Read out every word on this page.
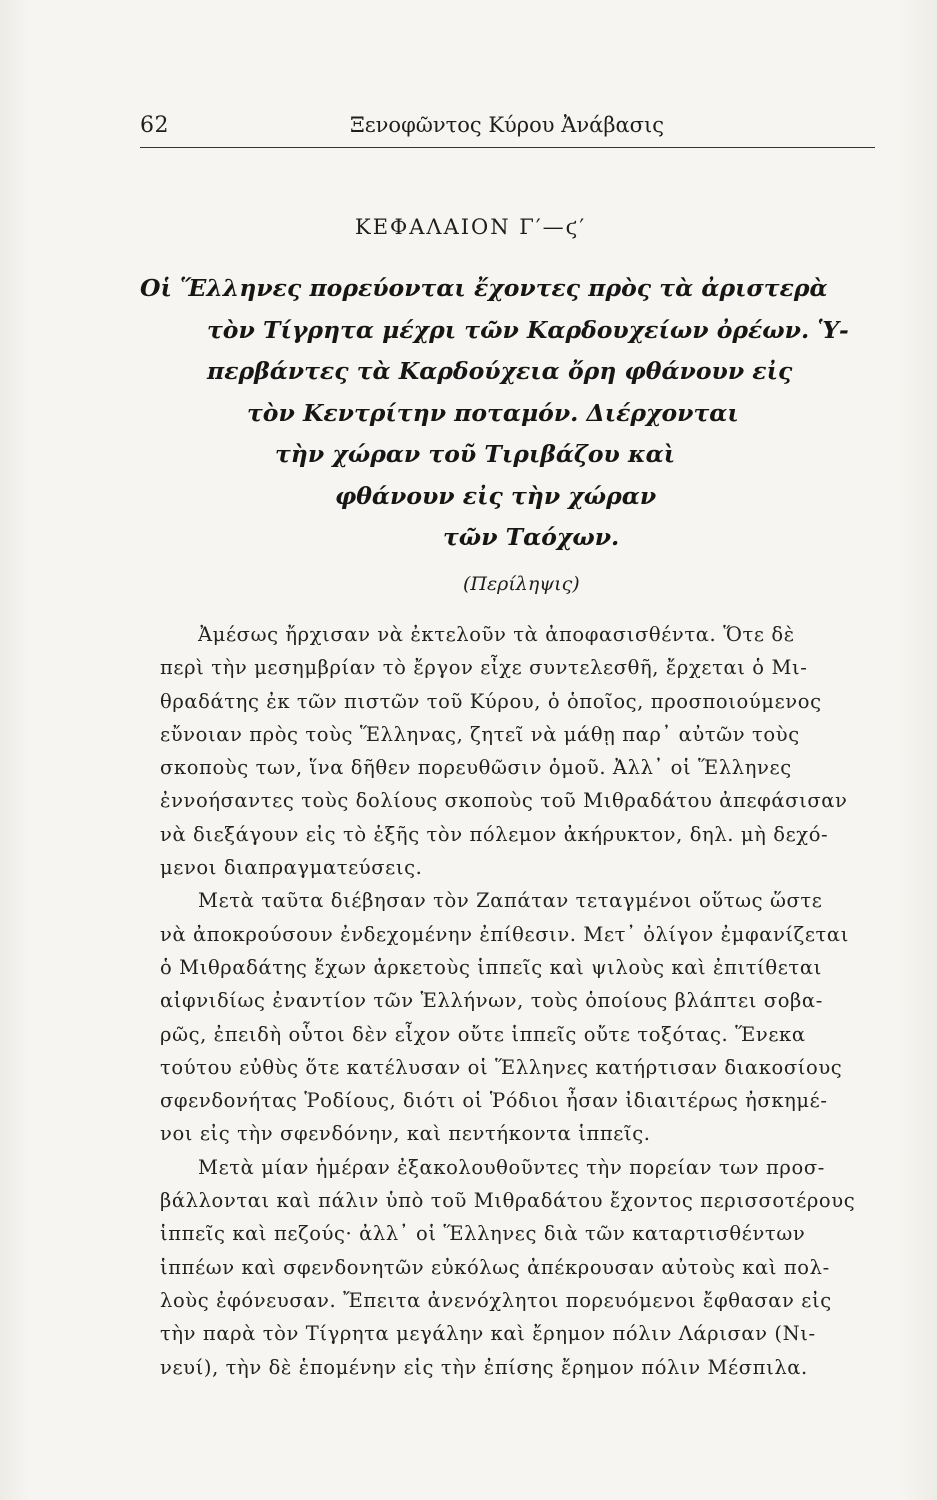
62	Ξενοφῶντος Κύρου Ἀνάβασις
ΚΕΦΑΛΑΙΟΝ Γ′—ϛ′
Οἱ Ἕλληνες πορεύονται ἔχοντες πρὸς τὰ ἀριστερὰ
τὸν Τίγρητα μέχρι τῶν Καρδουχείων ὀρέων. Ὑ-
περβάντες τὰ Καρδούχεια ὄρη φθάνουν εἰς
τὸν Κεντρίτην ποταμόν. Διέρχονται
τὴν χώραν τοῦ Τιριβάζου καὶ
φθάνουν εἰς τὴν χώραν
τῶν Ταόχων.
(Περίληψις)
Ἀμέσως ἤρχισαν νὰ ἐκτελοῦν τὰ ἀποφασισθέντα. Ὅτε δὲ
περὶ τὴν μεσημβρίαν τὸ ἔργον εἶχε συντελεσθῆ, ἔρχεται ὁ Μι-
θραδάτης ἐκ τῶν πιστῶν τοῦ Κύρου, ὁ ὁποῖος, προσποιούμενος
εὔνοιαν πρὸς τοὺς Ἕλληνας, ζητεῖ νὰ μάθῃ παρ᾽ αὐτῶν τοὺς
σκοποὺς των, ἵνα δῆθεν πορευθῶσιν ὁμοῦ. Ἀλλ᾽ οἱ Ἕλληνες
ἐννοήσαντες τοὺς δολίους σκοποὺς τοῦ Μιθραδάτου ἀπεφάσισαν
νὰ διεξάγουν εἰς τὸ ἑξῆς τὸν πόλεμον ἀκήρυκτον, δηλ. μὴ δεχό-
μενοι διαπραγματεύσεις.
Μετὰ ταῦτα διέβησαν τὸν Ζαπάταν τεταγμένοι οὕτως ὥστε
νὰ ἀποκρούσουν ἐνδεχομένην ἐπίθεσιν. Μετ᾽ ὀλίγον ἐμφανίζεται
ὁ Μιθραδάτης ἔχων ἀρκετοὺς ἱππεῖς καὶ ψιλοὺς καὶ ἐπιτίθεται
αἰφνιδίως ἐναντίον τῶν Ἑλλήνων, τοὺς ὁποίους βλάπτει σοβα-
ρῶς, ἐπειδὴ οὗτοι δὲν εἶχον οὔτε ἱππεῖς οὔτε τοξότας. Ἕνεκα
τούτου εὐθὺς ὅτε κατέλυσαν οἱ Ἕλληνες κατήρτισαν διακοσίους
σφενδονήτας Ῥοδίους, διότι οἱ Ῥόδιοι ἦσαν ἰδιαιτέρως ἠσκημέ-
νοι εἰς τὴν σφενδόνην, καὶ πεντήκοντα ἱππεῖς.
Μετὰ μίαν ἡμέραν ἐξακολουθοῦντες τὴν πορείαν των προσ-
βάλλονται καὶ πάλιν ὑπὸ τοῦ Μιθραδάτου ἔχοντος περισσοτέρους
ἱππεῖς καὶ πεζούς· ἀλλ᾽ οἱ Ἕλληνες διὰ τῶν καταρτισθέντων
ἱππέων καὶ σφενδονητῶν εὐκόλως ἀπέκρουσαν αὐτοὺς καὶ πολ-
λοὺς ἐφόνευσαν. Ἔπειτα ἀνενόχλητοι πορευόμενοι ἔφθασαν εἰς
τὴν παρὰ τὸν Τίγρητα μεγάλην καὶ ἔρημον πόλιν Λάρισαν (Νι-
νευί), τὴν δὲ ἑπομένην εἰς τὴν ἐπίσης ἔρημον πόλιν Μέσπιλα.
